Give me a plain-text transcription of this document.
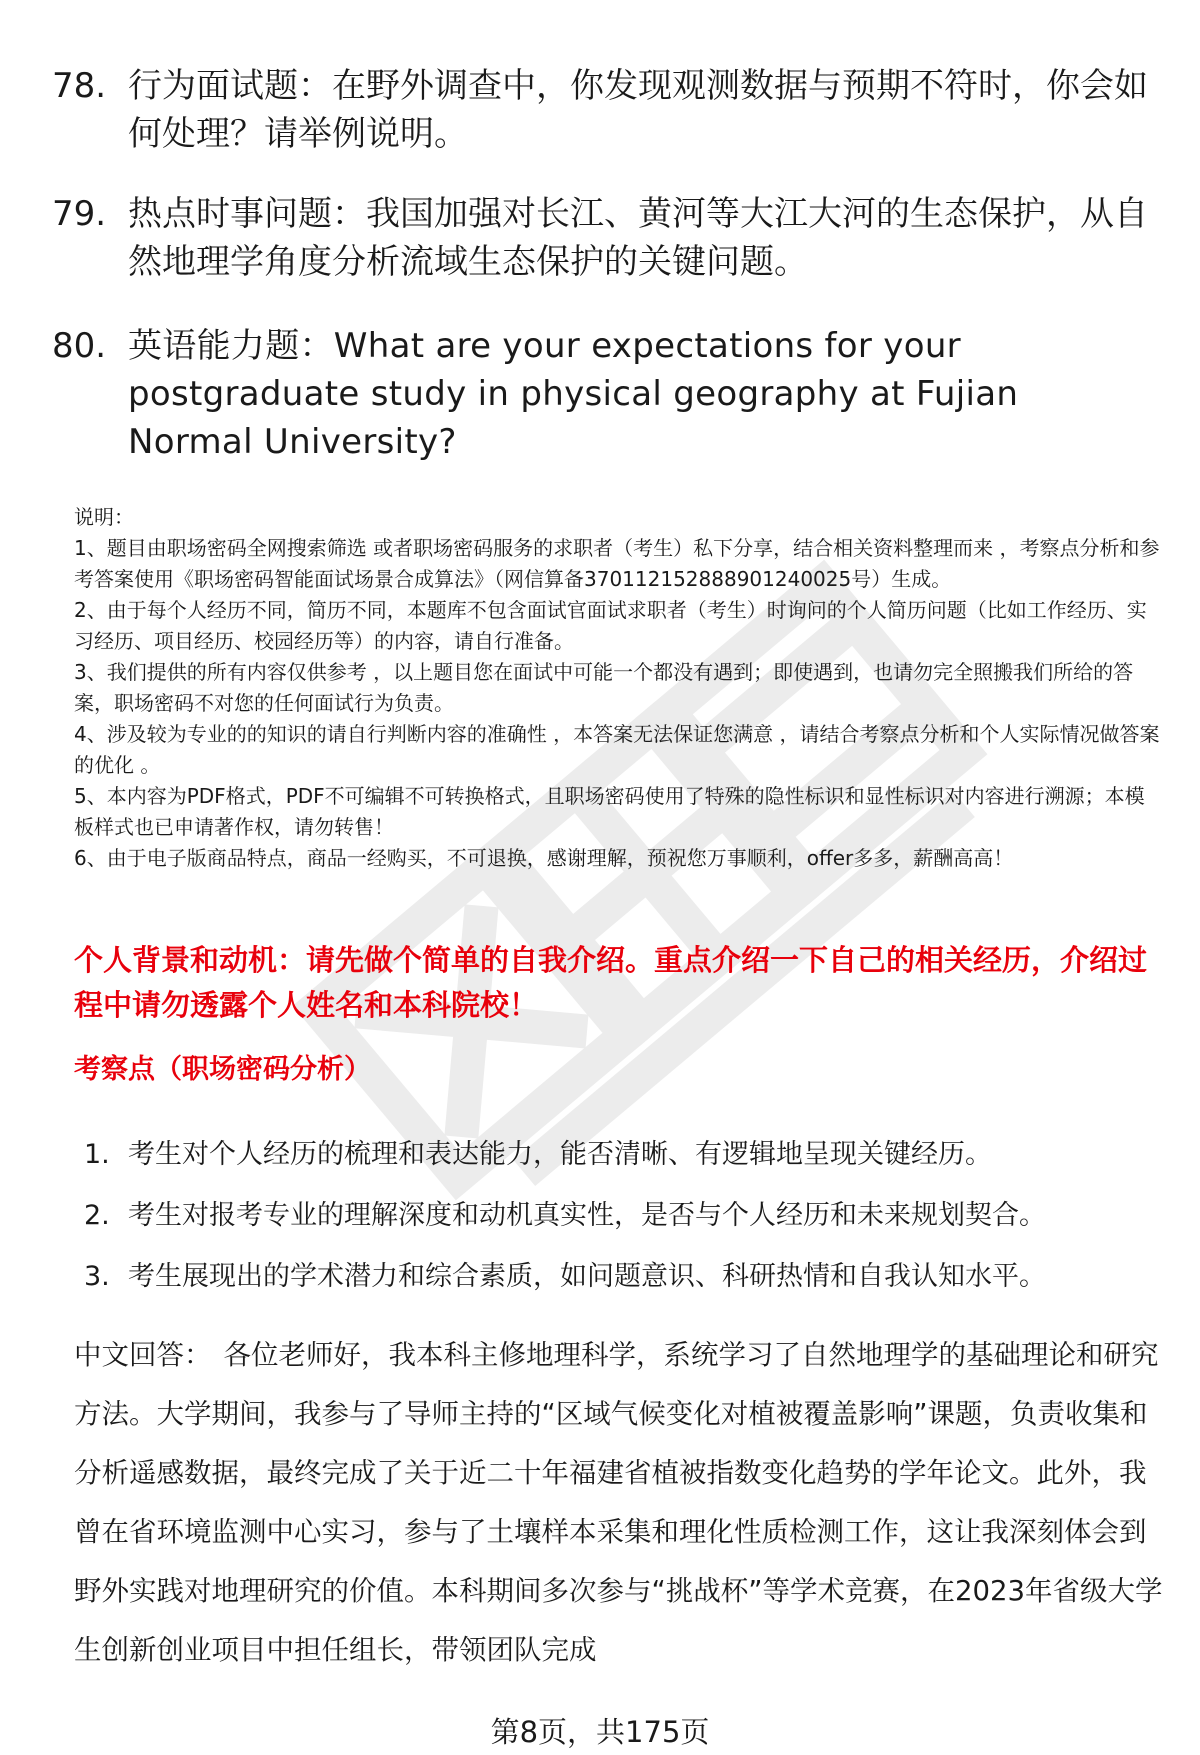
78. 行为面试题：在野外调查中，你发现观测数据与预期不符时，你会如何处理？请举例说明。
79. 热点时事问题：我国加强对长江、黄河等大江大河的生态保护，从自然地理学角度分析流域生态保护的关键问题。
80. 英语能力题：What are your expectations for your postgraduate study in physical geography at Fujian Normal University?

说明：

1、题目由职场密码全网搜索筛选 或者职场密码服务的求职者（考生）私下分享，结合相关资料整理而来 ，考察点分析和参考答案使用《职场密码智能面试场景合成算法》（网信算备370112152888901240025号）生成。

2、由于每个人经历不同，简历不同，本题库不包含面试官面试求职者（考生）时询问的个人简历问题（比如工作经历、实习经历、项目经历、校园经历等）的内容，请自行准备。

3、我们提供的所有内容仅供参考 ，以上题目您在面试中可能一个都没有遇到；即使遇到，也请勿完全照搬我们所给的答案，职场密码不对您的任何面试行为负责。

4、涉及较为专业的的知识的请自行判断内容的准确性 ，本答案无法保证您满意 ，请结合考察点分析和个人实际情况做答案的优化 。

5、本内容为PDF格式，PDF不可编辑不可转换格式，且职场密码使用了特殊的隐性标识和显性标识对内容进行溯源；本模板样式也已申请著作权，请勿转售！

6、由于电子版商品特点，商品一经购买，不可退换，感谢理解，预祝您万事顺利，offer多多，薪酬高高！

个人背景和动机：请先做个简单的自我介绍。重点介绍一下自己的相关经历，介绍过程中请勿透露个人姓名和本科院校！
考察点（职场密码分析）
1. 考生对个人经历的梳理和表达能力，能否清晰、有逻辑地呈现关键经历。
2. 考生对报考专业的理解深度和动机真实性，是否与个人经历和未来规划契合。
3. 考生展现出的学术潜力和综合素质，如问题意识、科研热情和自我认知水平。
中文回答： 各位老师好，我本科主修地理科学，系统学习了自然地理学的基础理论和研究方法。大学期间，我参与了导师主持的“区域气候变化对植被覆盖影响”课题，负责收集和分析遥感数据，最终完成了关于近二十年福建省植被指数变化趋势的学年论文。此外，我曾在省环境监测中心实习，参与了土壤样本采集和理化性质检测工作，这让我深刻体会到野外实践对地理研究的价值。本科期间多次参与“挑战杯”等学术竞赛，在2023年省级大学生创新创业项目中担任组长，带领团队完成
第8页，共175页
